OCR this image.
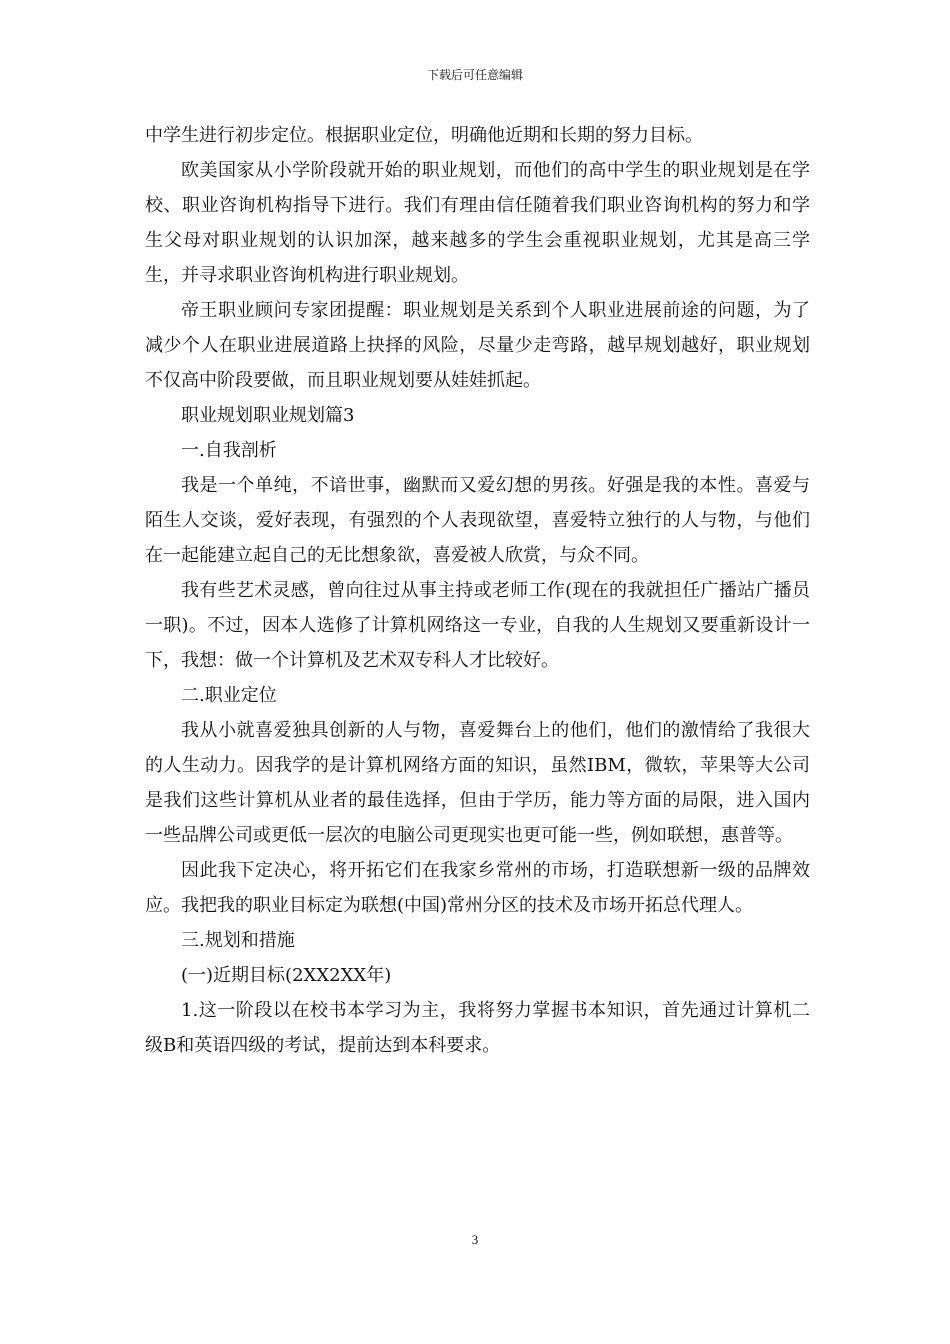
下载后可任意编辑

中学生进行初步定位。根据职业定位，明确他近期和长期的努力目标。

欧美国家从小学阶段就开始的职业规划，而他们的高中学生的职业规划是在学校、职业咨询机构指导下进行。我们有理由信任随着我们职业咨询机构的努力和学生父母对职业规划的认识加深，越来越多的学生会重视职业规划，尤其是高三学生，并寻求职业咨询机构进行职业规划。

帝王职业顾问专家团提醒：职业规划是关系到个人职业进展前途的问题，为了减少个人在职业进展道路上抉择的风险，尽量少走弯路，越早规划越好，职业规划不仅高中阶段要做，而且职业规划要从娃娃抓起。

职业规划职业规划篇3

一.自我剖析

我是一个单纯，不谙世事，幽默而又爱幻想的男孩。好强是我的本性。喜爱与陌生人交谈，爱好表现，有强烈的个人表现欲望，喜爱特立独行的人与物，与他们在一起能建立起自己的无比想象欲，喜爱被人欣赏，与众不同。

我有些艺术灵感，曾向往过从事主持或老师工作(现在的我就担任广播站广播员一职)。不过，因本人选修了计算机网络这一专业，自我的人生规划又要重新设计一下，我想：做一个计算机及艺术双专科人才比较好。

二.职业定位

我从小就喜爱独具创新的人与物，喜爱舞台上的他们，他们的激情给了我很大的人生动力。因我学的是计算机网络方面的知识，虽然IBM，微软，苹果等大公司是我们这些计算机从业者的最佳选择，但由于学历，能力等方面的局限，进入国内一些品牌公司或更低一层次的电脑公司更现实也更可能一些，例如联想，惠普等。

因此我下定决心，将开拓它们在我家乡常州的市场，打造联想新一级的品牌效应。我把我的职业目标定为联想(中国)常州分区的技术及市场开拓总代理人。

三.规划和措施

(一)近期目标(2XX2XX年)

1.这一阶段以在校书本学习为主，我将努力掌握书本知识，首先通过计算机二级B和英语四级的考试，提前达到本科要求。

3
